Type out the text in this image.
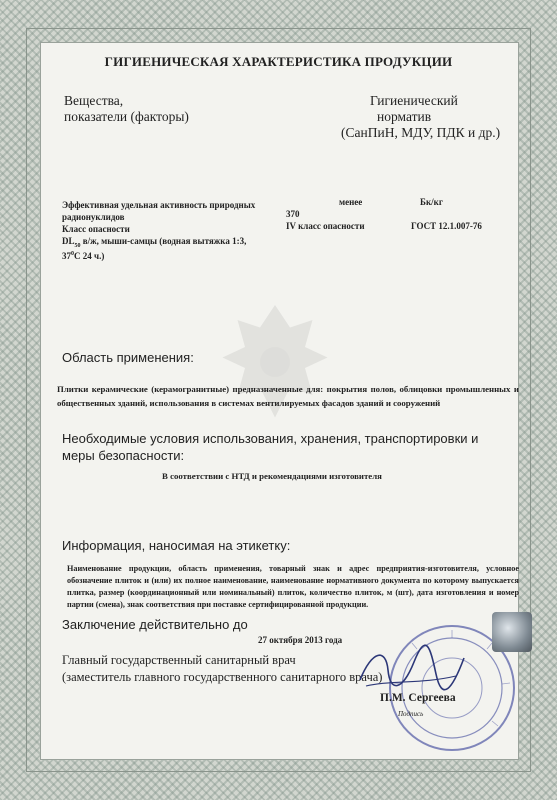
ГИГИЕНИЧЕСКАЯ ХАРАКТЕРИСТИКА ПРОДУКЦИИ
Вещества,
показатели (факторы)
Гигиенический
норматив
(СанПиН, МДУ, ПДК и др.)
Эффективная удельная активность природных
радионуклидов
менее
370
Бк/кг
Класс опасности	IV класс опасности	ГОСТ 12.1.007-76
$DL_{50}$ в/ж, мыши-самцы (водная вытяжка 1:3,
$37^0С$ 24 ч.)
Область применения:
Плитки керамические (керамогранитные) предназначенные для: покрытия полов, облицовки промышленных и общественных зданий, использования в системах вентилируемых фасадов зданий и сооружений
Необходимые условия использования, хранения, транспортировки и меры безопасности:
В соответствии с НТД и рекомендациями изготовителя
Информация, наносимая на этикетку:
Наименование продукции, область применения, товарный знак и адрес предприятия-изготовителя, условное обозначение плиток и (или) их полное наименование, наименование нормативного документа по которому выпускается плитка, размер (координационный или номинальный) плиток, количество плиток, м (шт), дата изготовления и номер партии (смена), знак соответствия при поставке сертифицированной продукции.
Заключение действительно до
27 октября 2013 года
Главный государственный санитарный врач
(заместитель главного государственного санитарного врача)
П.М. Сергеева
Подпись
